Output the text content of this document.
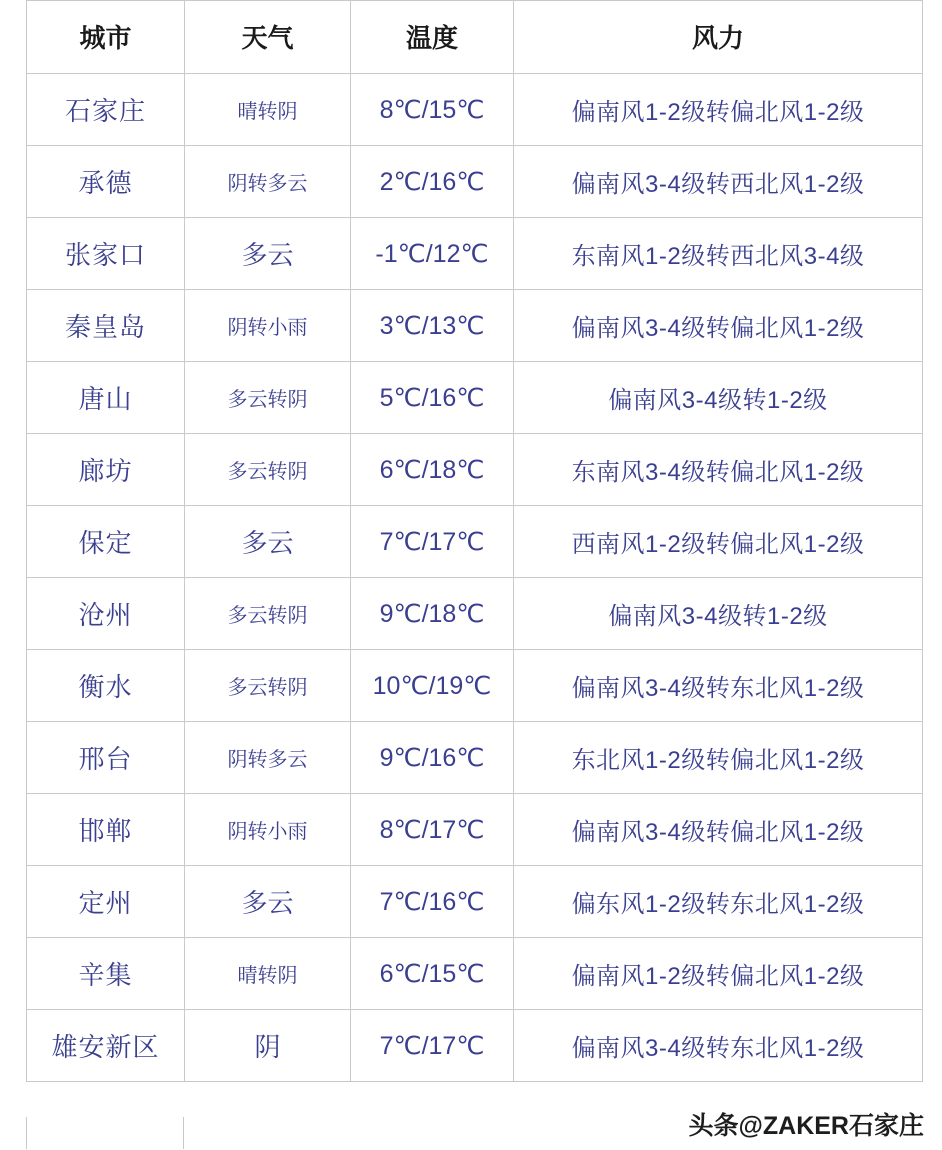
城市	天气	温度	风力
石家庄	晴转阴	8℃/15℃	偏南风1-2级转偏北风1-2级
承德	阴转多云	2℃/16℃	偏南风3-4级转西北风1-2级
张家口	多云	-1℃/12℃	东南风1-2级转西北风3-4级
秦皇岛	阴转小雨	3℃/13℃	偏南风3-4级转偏北风1-2级
唐山	多云转阴	5℃/16℃	偏南风3-4级转1-2级
廊坊	多云转阴	6℃/18℃	东南风3-4级转偏北风1-2级
保定	多云	7℃/17℃	西南风1-2级转偏北风1-2级
沧州	多云转阴	9℃/18℃	偏南风3-4级转1-2级
衡水	多云转阴	10℃/19℃	偏南风3-4级转东北风1-2级
邢台	阴转多云	9℃/16℃	东北风1-2级转偏北风1-2级
邯郸	阴转小雨	8℃/17℃	偏南风3-4级转偏北风1-2级
定州	多云	7℃/16℃	偏东风1-2级转东北风1-2级
辛集	晴转阴	6℃/15℃	偏南风1-2级转偏北风1-2级
雄安新区	阴	7℃/17℃	偏南风3-4级转东北风1-2级
头条@ZAKER石家庄
